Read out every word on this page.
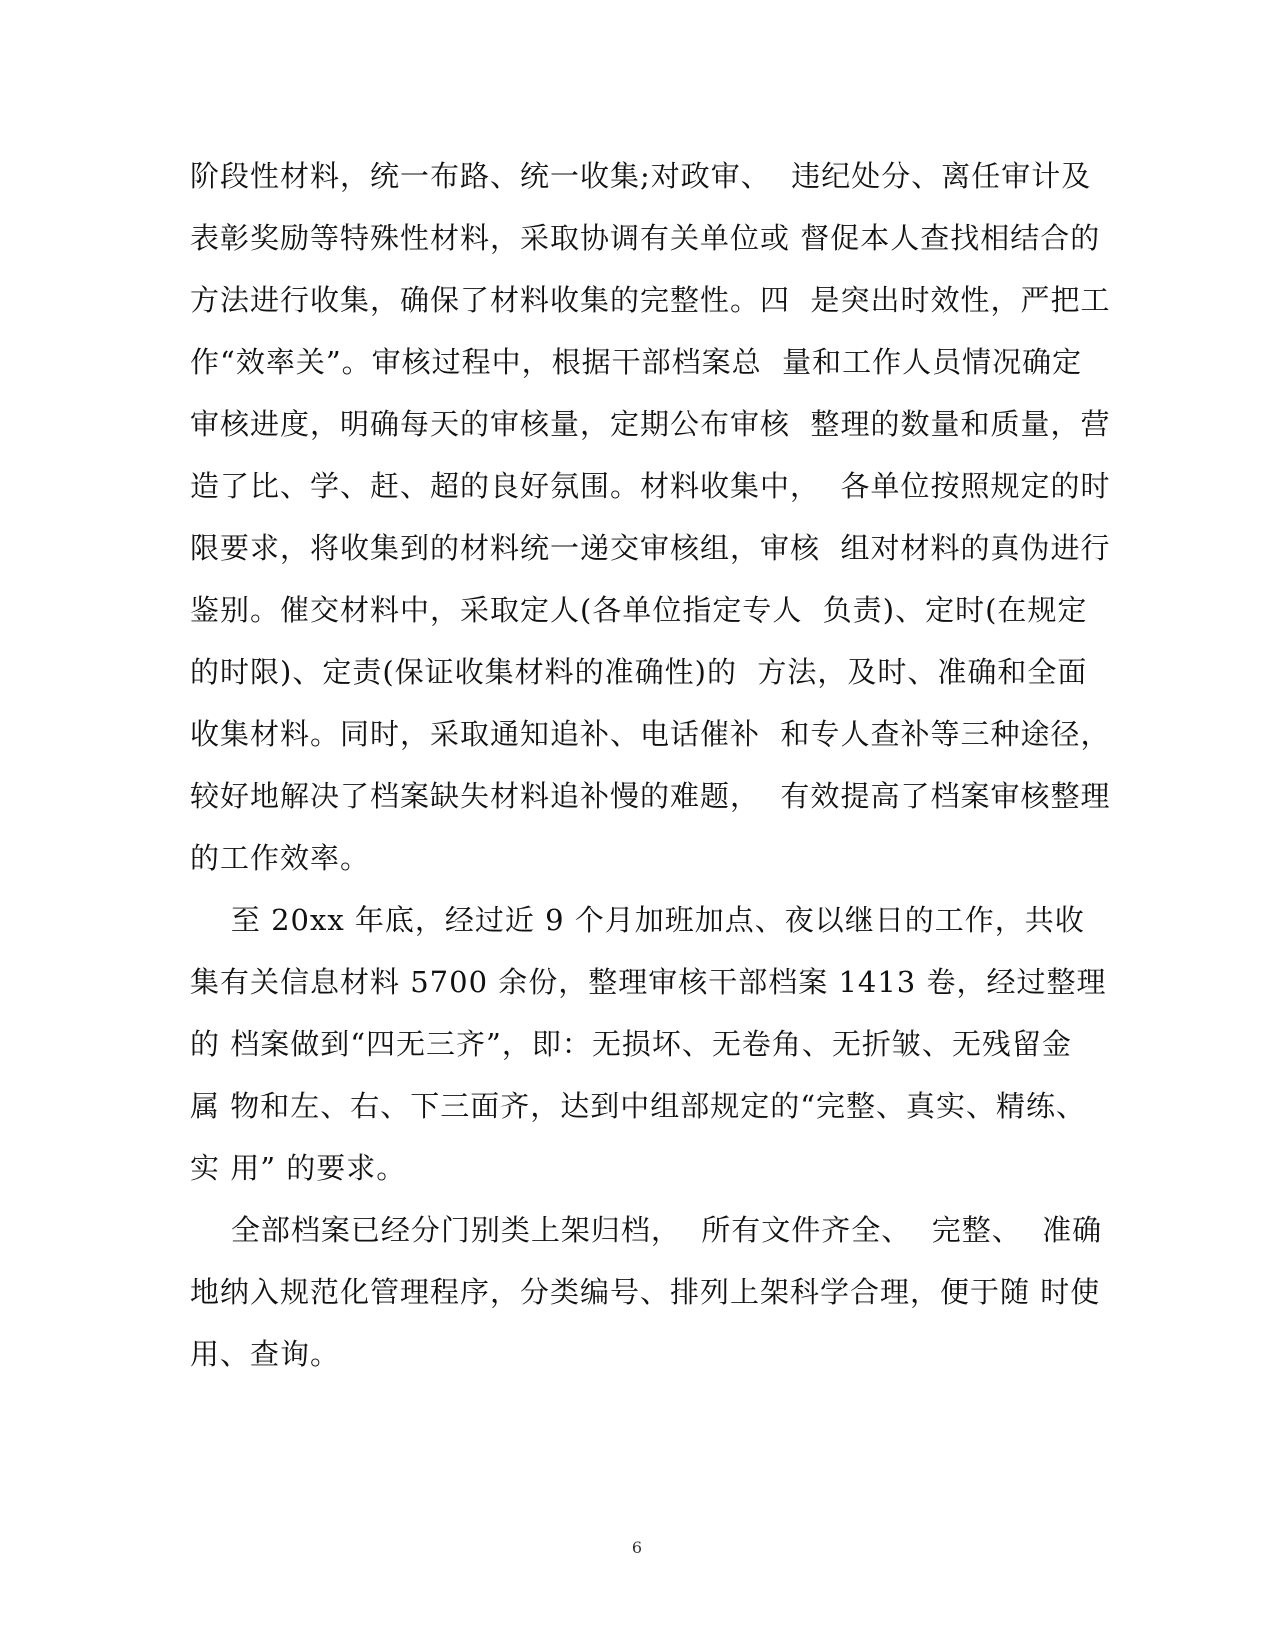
阶段性材料，统一布路、统一收集;对政审、  违纪处分、离任审计及
表彰奖励等特殊性材料，采取协调有关单位或 督促本人查找相结合的
方法进行收集，确保了材料收集的完整性。四  是突出时效性，严把工
作“效率关”。审核过程中，根据干部档案总  量和工作人员情况确定
审核进度，明确每天的审核量，定期公布审核  整理的数量和质量，营
造了比、学、赶、超的良好氛围。材料收集中，  各单位按照规定的时
限要求，将收集到的材料统一递交审核组，审核  组对材料的真伪进行
鉴别。催交材料中，采取定人(各单位指定专人  负责)、定时(在规定
的时限)、定责(保证收集材料的准确性)的  方法，及时、准确和全面
收集材料。同时，采取通知追补、电话催补  和专人查补等三种途径，
较好地解决了档案缺失材料追补慢的难题，  有效提高了档案审核整理
的工作效率。
至 20xx 年底，经过近 9 个月加班加点、夜以继日的工作，共收
集有关信息材料 5700 余份，整理审核干部档案 1413 卷，经过整理
的 档案做到“四无三齐”，即：无损坏、无卷角、无折皱、无残留金
属 物和左、右、下三面齐，达到中组部规定的“完整、真实、精练、
实 用” 的要求。
全部档案已经分门别类上架归档，  所有文件齐全、  完整、  准确
地纳入规范化管理程序，分类编号、排列上架科学合理，便于随 时使
用、查询。
6
